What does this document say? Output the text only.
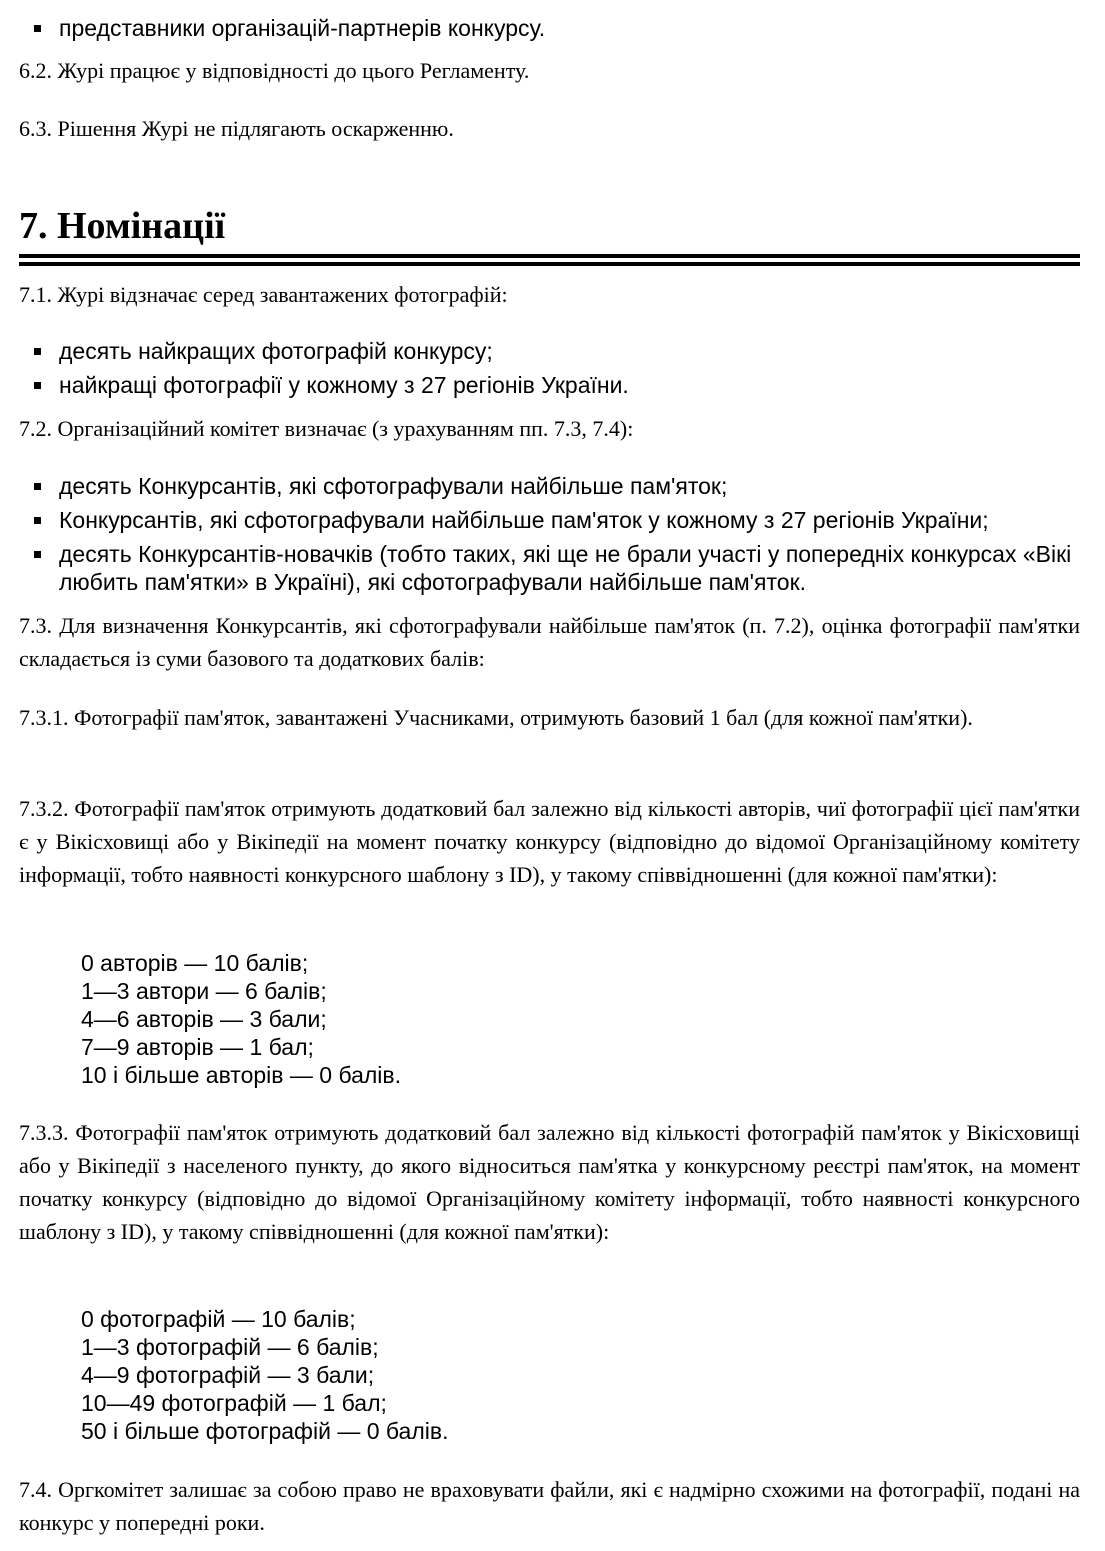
представники організацій-партнерів конкурсу.

6.2. Журі працює у відповідності до цього Регламенту.

6.3. Рішення Журі не підлягають оскарженню.

7. Номінації

7.1. Журі відзначає серед завантажених фотографій:

десять найкращих фотографій конкурсу;
найкращі фотографії у кожному з 27 регіонів України.

7.2. Організаційний комітет визначає (з урахуванням пп. 7.3, 7.4):

десять Конкурсантів, які сфотографували найбільше пам'яток;
Конкурсантів, які сфотографували найбільше пам'яток у кожному з 27 регіонів України;
десять Конкурсантів-новачків (тобто таких, які ще не брали участі у попередніх конкурсах «Вікі любить пам'ятки» в Україні), які сфотографували найбільше пам'яток.

7.3. Для визначення Конкурсантів, які сфотографували найбільше пам'яток (п. 7.2), оцінка фотографії пам'ятки складається із суми базового та додаткових балів:

7.3.1. Фотографії пам'яток, завантажені Учасниками, отримують базовий 1 бал (для кожної пам'ятки).

7.3.2. Фотографії пам'яток отримують додатковий бал залежно від кількості авторів, чиї фотографії цієї пам'ятки є у Вікісховищі або у Вікіпедії на момент початку конкурсу (відповідно до відомої Організаційному комітету інформації, тобто наявності конкурсного шаблону з ID), у такому співвідношенні (для кожної пам'ятки):

0 авторів — 10 балів;
1—3 автори — 6 балів;
4—6 авторів — 3 бали;
7—9 авторів — 1 бал;
10 і більше авторів — 0 балів.

7.3.3. Фотографії пам'яток отримують додатковий бал залежно від кількості фотографій пам'яток у Вікісховищі або у Вікіпедії з населеного пункту, до якого відноситься пам'ятка у конкурсному реєстрі пам'яток, на момент початку конкурсу (відповідно до відомої Організаційному комітету інформації, тобто наявності конкурсного шаблону з ID), у такому співвідношенні (для кожної пам'ятки):

0 фотографій — 10 балів;
1—3 фотографій — 6 балів;
4—9 фотографій — 3 бали;
10—49 фотографій — 1 бал;
50 і більше фотографій — 0 балів.

7.4. Оргкомітет залишає за собою право не враховувати файли, які є надмірно схожими на фотографії, подані на конкурс у попередні роки.
